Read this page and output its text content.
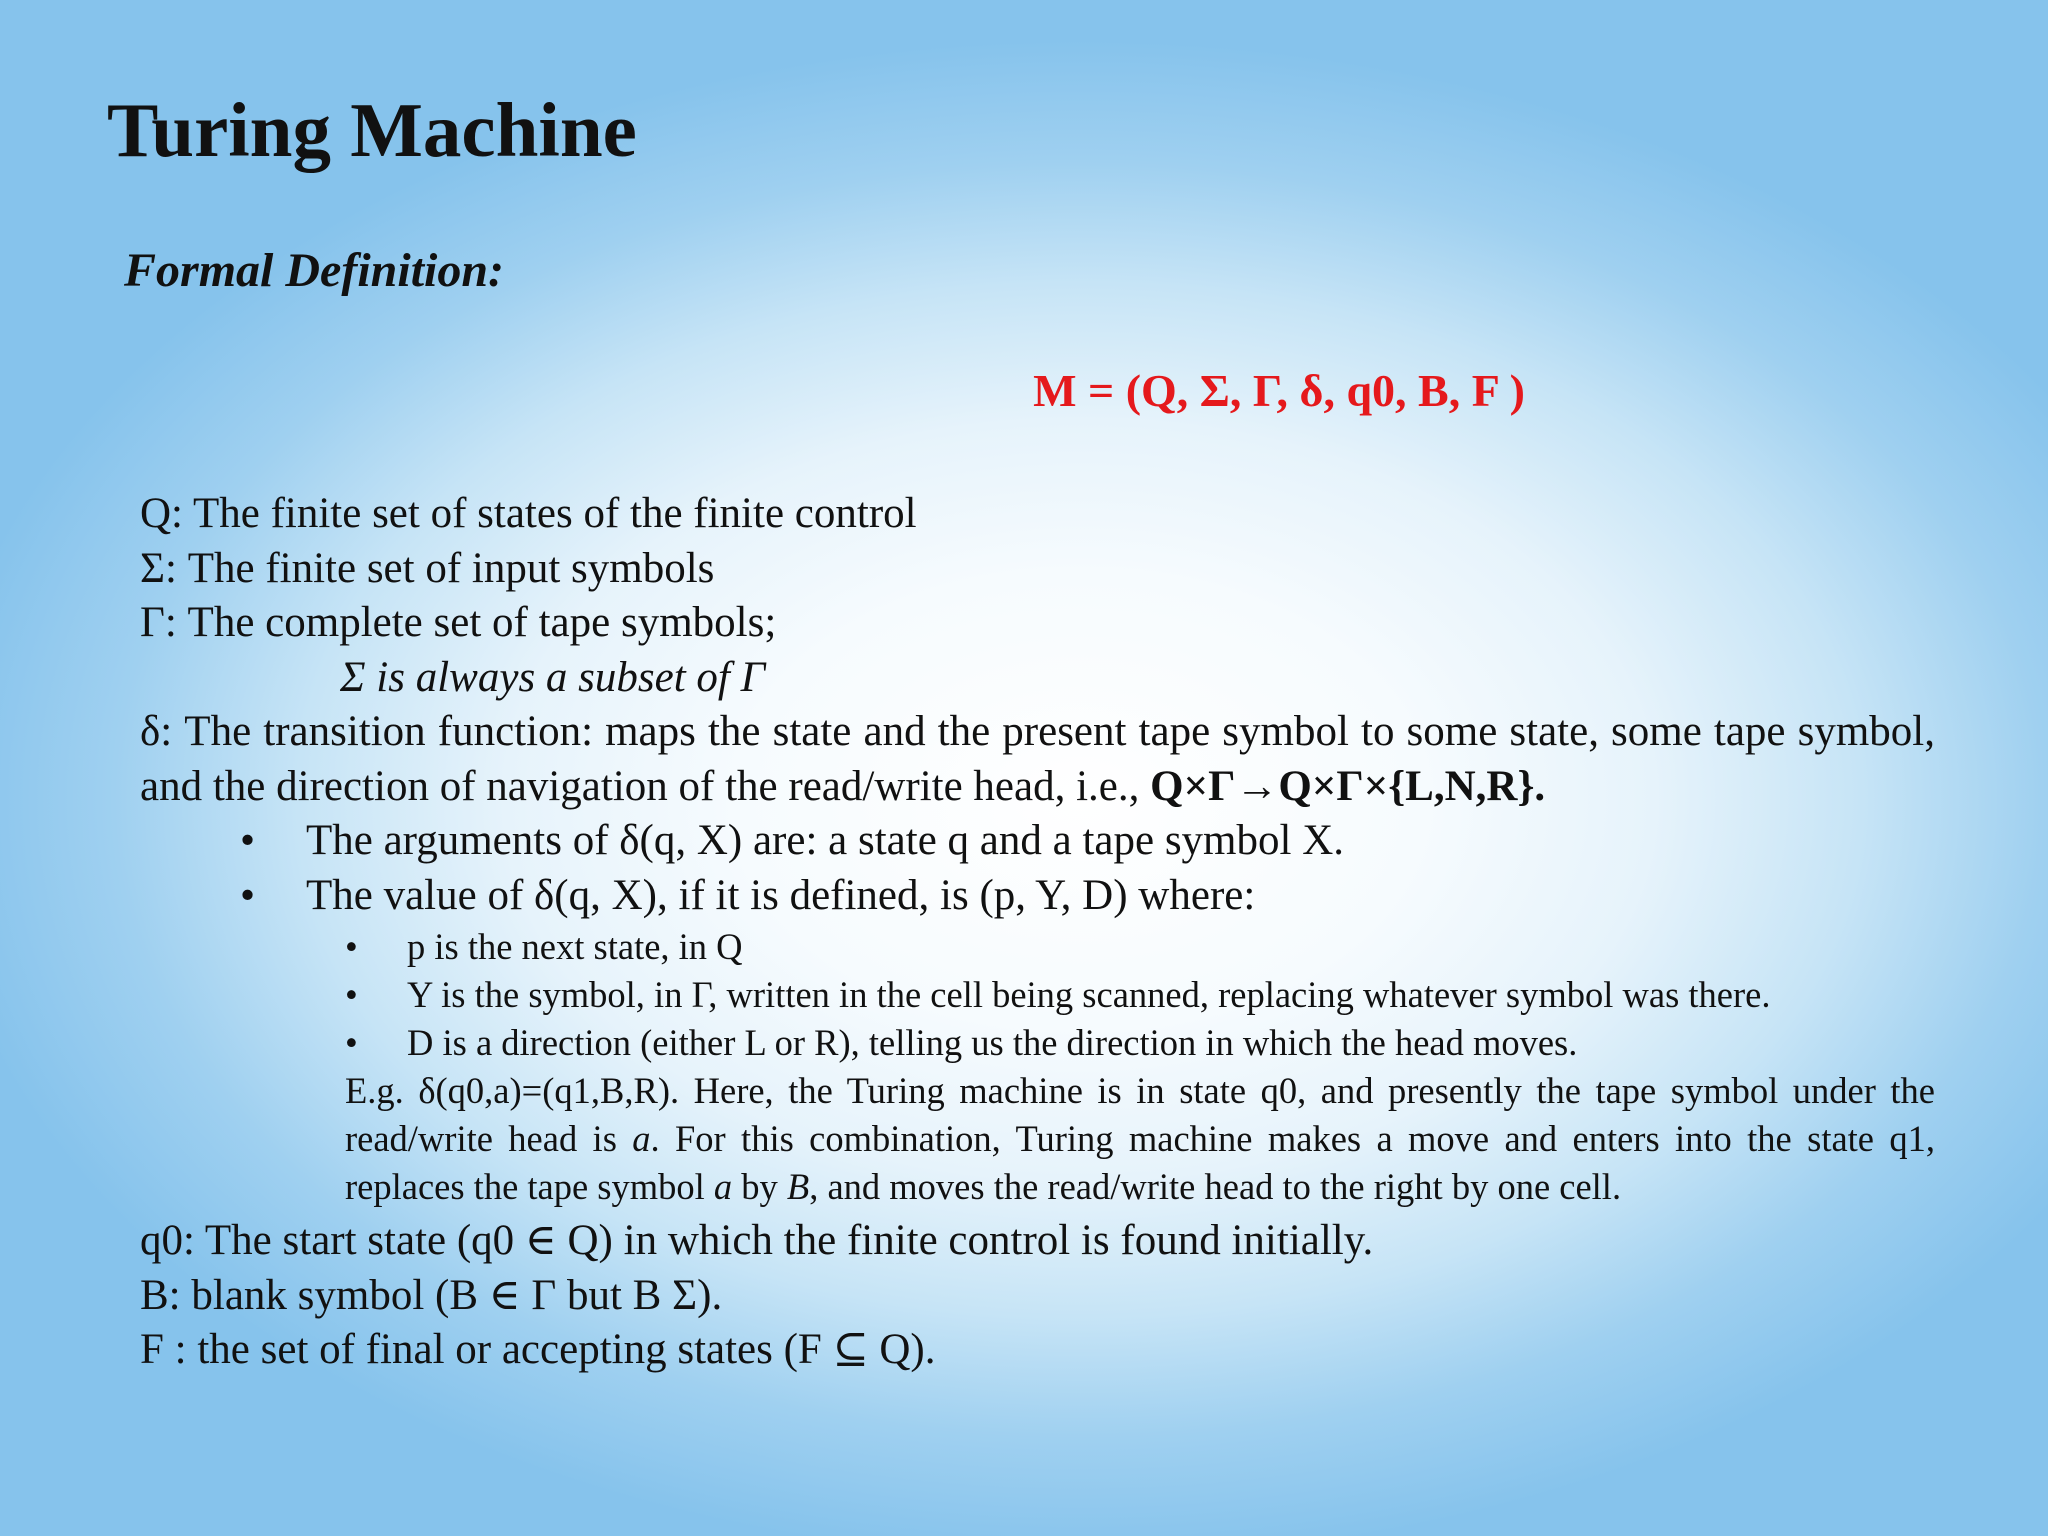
Turing Machine
Formal Definition:
M = (Q, Σ, Γ, δ, q0, B, F )
Q: The finite set of states of the finite control
Σ: The finite set of input symbols
Γ: The complete set of tape symbols;
Σ is always a subset of Γ
δ: The transition function: maps the state and the present tape symbol to some state, some tape symbol, and the direction of navigation of the read/write head, i.e., Q×Γ→Q×Γ×{L,N,R}.
• The arguments of δ(q, X) are: a state q and a tape symbol X.
• The value of δ(q, X), if it is defined, is (p, Y, D) where:
• p is the next state, in Q
• Y is the symbol, in Γ, written in the cell being scanned, replacing whatever symbol was there.
• D is a direction (either L or R), telling us the direction in which the head moves.
E.g. δ(q0,a)=(q1,B,R). Here, the Turing machine is in state q0, and presently the tape symbol under the read/write head is a. For this combination, Turing machine makes a move and enters into the state q1, replaces the tape symbol a by B, and moves the read/write head to the right by one cell.
q0: The start state (q0 ∈ Q) in which the finite control is found initially.
B: blank symbol (B ∈ Γ but B Σ).
F : the set of final or accepting states (F ⊆ Q).
